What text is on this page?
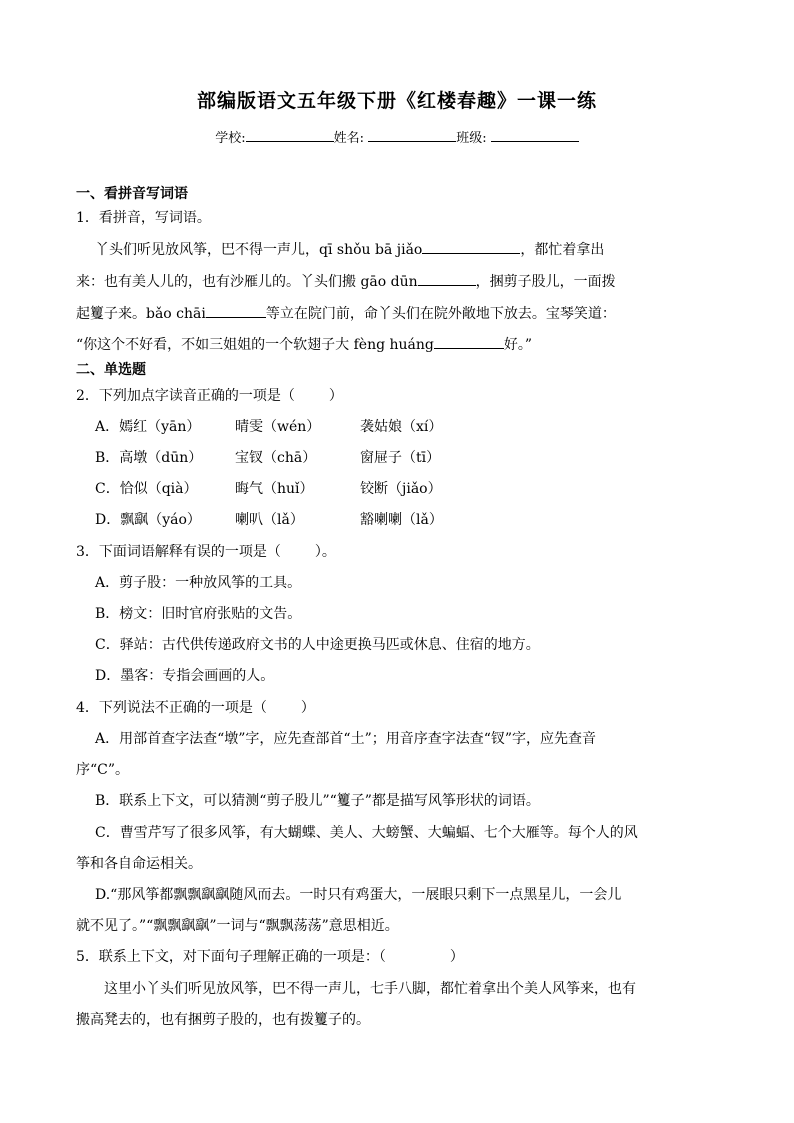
部编版语文五年级下册《红楼春趣》一课一练
学校:	姓名:	班级:
一、看拼音写词语
1．看拼音，写词语。
丫头们听见放风筝，巴不得一声儿，qī shǒu bā jiǎo	，都忙着拿出
来：也有美人儿的，也有沙雁儿的。丫头们搬 gāo dūn	，捆剪子股儿，一面拨
起籰子来。bǎo chāi	等立在院门前，命丫头们在院外敞地下放去。宝琴笑道：
“你这个不好看，不如三姐姐的一个软翅子大 fèng huáng	好。”
二、单选题
2．下列加点字读音正确的一项是（ ）
A．嫣红（yān） 晴雯（wén）	袭姑娘（xí）
B．高墩（dūn） 宝钗（chā）	窗屉子（tī）
C．恰似（qià）	晦气（huǐ）	铰断（jiǎo）
D．飘飖（yáo） 喇叭（lǎ）	豁喇喇（lǎ）
3．下面词语解释有误的一项是（ ）。
A．剪子股：一种放风筝的工具。
B．榜文：旧时官府张贴的文告。
C．驿站：古代供传递政府文书的人中途更换马匹或休息、住宿的地方。
D．墨客：专指会画画的人。
4．下列说法不正确的一项是（ ）
A．用部首查字法查“墩”字，应先查部首“土”；用音序查字法查“钗”字，应先查音
序“C”。
B．联系上下文，可以猜测“剪子股儿”“籰子”都是描写风筝形状的词语。
C．曹雪芹写了很多风筝，有大蝴蝶、美人、大螃蟹、大蝙蝠、七个大雁等。每个人的风
筝和各自命运相关。
D.“那风筝都飘飘飖飖随风而去。一时只有鸡蛋大，一展眼只剩下一点黑星儿，一会儿
就不见了。”“飘飘飖飖”一词与“飘飘荡荡”意思相近。
5．联系上下文，对下面句子理解正确的一项是：（	）
这里小丫头们听见放风筝，巴不得一声儿，七手八脚，都忙着拿出个美人风筝来，也有
搬高凳去的，也有捆剪子股的，也有拨籰子的。
